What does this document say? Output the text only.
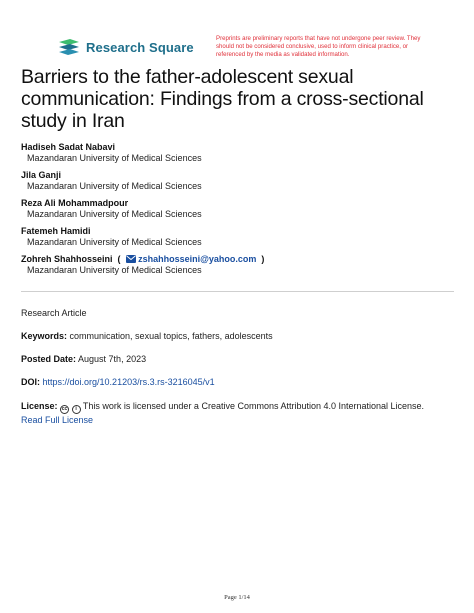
Research Square
Preprints are preliminary reports that have not undergone peer review. They should not be considered conclusive, used to inform clinical practice, or referenced by the media as validated information.
Barriers to the father-adolescent sexual communication: Findings from a cross-sectional study in Iran
Hadiseh Sadat Nabavi
Mazandaran University of Medical Sciences
Jila Ganji
Mazandaran University of Medical Sciences
Reza Ali Mohammadpour
Mazandaran University of Medical Sciences
Fatemeh Hamidi
Mazandaran University of Medical Sciences
Zohreh Shahhosseini  (   zshahhosseini@yahoo.com  )
Mazandaran University of Medical Sciences
Research Article
Keywords: communication, sexual topics, fathers, adolescents
Posted Date: August 7th, 2023
DOI: https://doi.org/10.21203/rs.3.rs-3216045/v1
License: cc i This work is licensed under a Creative Commons Attribution 4.0 International License.
Read Full License
Page 1/14
